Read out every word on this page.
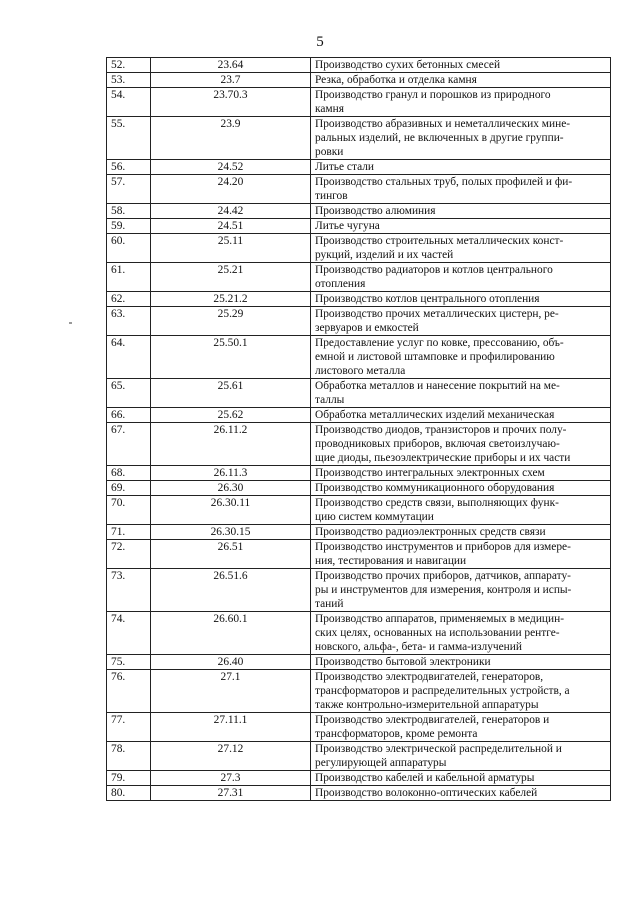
5
52.	23.64	Производство сухих бетонных смесей
53.	23.7	Резка, обработка и отделка камня
54.	23.70.3	Производство гранул и порошков из природного
камня
55.	23.9	Производство абразивных и неметаллических мине-
ральных изделий, не включенных в другие группи-
ровки
56.	24.52	Литье стали
57.	24.20	Производство стальных труб, полых профилей и фи-
тингов
58.	24.42	Производство алюминия
59.	24.51	Литье чугуна
60.	25.11	Производство строительных металлических конст-
рукций, изделий и их частей
61.	25.21	Производство радиаторов и котлов центрального
отопления
62.	25.21.2	Производство котлов центрального отопления
63.	25.29	Производство прочих металлических цистерн, ре-
зервуаров и емкостей
64.	25.50.1	Предоставление услуг по ковке, прессованию, объ-
емной и листовой штамповке и профилированию
листового металла
65.	25.61	Обработка металлов и нанесение покрытий на ме-
таллы
66.	25.62	Обработка металлических изделий механическая
67.	26.11.2	Производство диодов, транзисторов и прочих полу-
проводниковых приборов, включая светоизлучаю-
щие диоды, пьезоэлектрические приборы и их части
68.	26.11.3	Производство интегральных электронных схем
69.	26.30	Производство коммуникационного оборудования
70.	26.30.11	Производство средств связи, выполняющих функ-
цию систем коммутации
71.	26.30.15	Производство радиоэлектронных средств связи
72.	26.51	Производство инструментов и приборов для измере-
ния, тестирования и навигации
73.	26.51.6	Производство прочих приборов, датчиков, аппарату-
ры и инструментов для измерения, контроля и испы-
таний
74.	26.60.1	Производство аппаратов, применяемых в медицин-
ских целях, основанных на использовании рентге-
новского, альфа-, бета- и гамма-излучений
75.	26.40	Производство бытовой электроники
76.	27.1	Производство электродвигателей, генераторов,
трансформаторов и распределительных устройств, а
также контрольно-измерительной аппаратуры
77.	27.11.1	Производство электродвигателей, генераторов и
трансформаторов, кроме ремонта
78.	27.12	Производство электрической распределительной и
регулирующей аппаратуры
79.	27.3	Производство кабелей и кабельной арматуры
80.	27.31	Производство волоконно-оптических кабелей
